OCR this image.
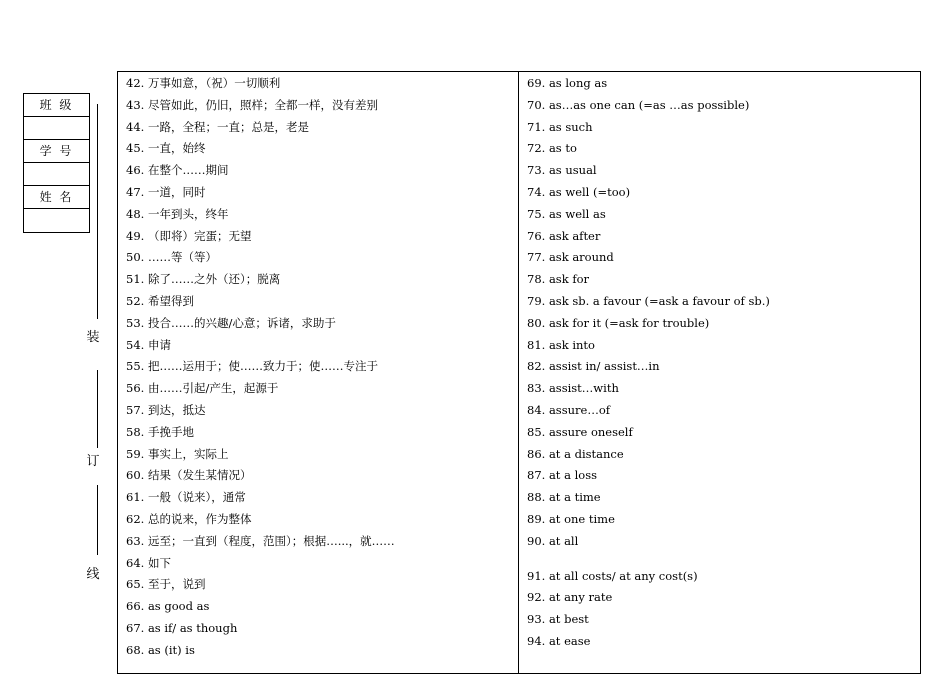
班 级
学 号
姓 名
装
订
线
42. 万事如意，（祝）一切顺利
43. 尽管如此，仍旧，照样；全都一样，没有差别
44. 一路，全程；一直；总是，老是
45. 一直，始终
46. 在整个……期间
47. 一道，同时
48. 一年到头，终年
49. （即将）完蛋；无望
50. ……等（等）
51. 除了……之外（还）；脱离
52. 希望得到
53. 投合……的兴趣/心意；诉诸，求助于
54. 申请
55. 把……运用于；使……致力于；使……专注于
56. 由……引起/产生，起源于
57. 到达，抵达
58. 手挽手地
59. 事实上，实际上
60. 结果（发生某情况）
61. 一般（说来），通常
62. 总的说来，作为整体
63. 远至；一直到（程度，范围）；根据…...，就……
64. 如下
65. 至于，说到
66. as good as
67. as if/ as though
68. as (it) is
69. as long as
70. as…as one can (=as …as possible)
71. as such
72. as to
73. as usual
74. as well (=too)
75. as well as
76. ask after
77. ask around
78. ask for
79. ask sb. a favour (=ask a favour of sb.)
80. ask for it (=ask for trouble)
81. ask into
82. assist in/ assist…in
83. assist…with
84. assure…of
85. assure oneself
86. at a distance
87. at a loss
88. at a time
89. at one time
90. at all
91. at all costs/ at any cost(s)
92. at any rate
93. at best
94. at ease
